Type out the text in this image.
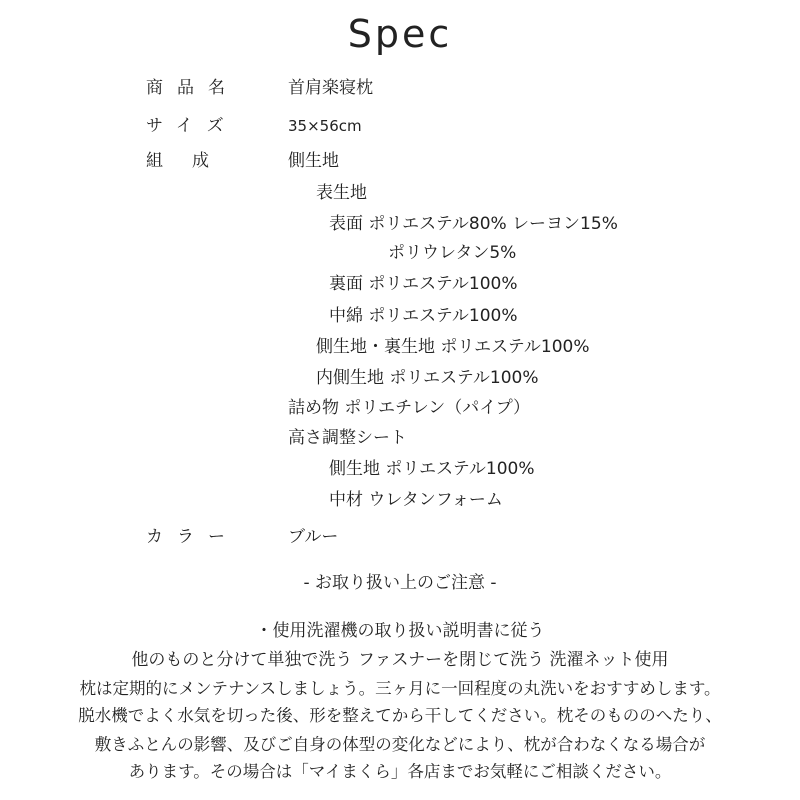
Spec
商品名
サイズ
組　成
カラー
首肩楽寝枕
35×56cm
側生地
表生地
表面 ポリエステル80% レーヨン15%
ポリウレタン5%
裏面 ポリエステル100%
中綿 ポリエステル100%
側生地・裏生地 ポリエステル100%
内側生地 ポリエステル100%
詰め物 ポリエチレン（パイプ）
高さ調整シート
側生地 ポリエステル100%
中材 ウレタンフォーム
ブルー
- お取り扱い上のご注意 -
・使用洗濯機の取り扱い説明書に従う
他のものと分けて単独で洗う ファスナーを閉じて洗う 洗濯ネット使用
枕は定期的にメンテナンスしましょう。三ヶ月に一回程度の丸洗いをおすすめします。
脱水機でよく水気を切った後、形を整えてから干してください。枕そのもののへたり、
敷きふとんの影響、及びご自身の体型の変化などにより、枕が合わなくなる場合が
あります。その場合は「マイまくら」各店までお気軽にご相談ください。
